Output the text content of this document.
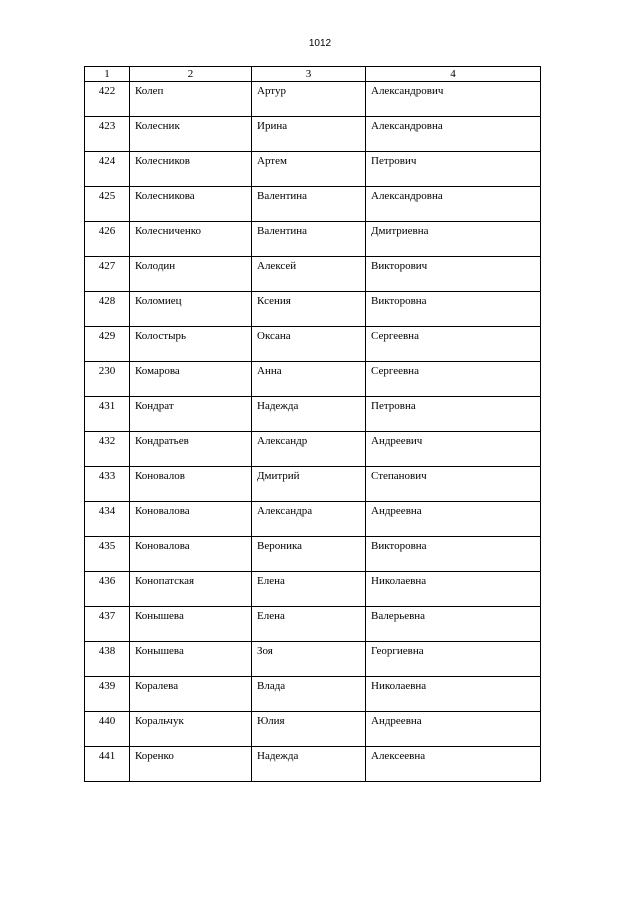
1012
1	2	3	4
422	Колеп	Артур	Александрович
423	Колесник	Ирина	Александровна
424	Колесников	Артем	Петрович
425	Колесникова	Валентина	Александровна
426	Колесниченко	Валентина	Дмитриевна
427	Колодин	Алексей	Викторович
428	Коломиец	Ксения	Викторовна
429	Колостырь	Оксана	Сергеевна
230	Комарова	Анна	Сергеевна
431	Кондрат	Надежда	Петровна
432	Кондратьев	Александр	Андреевич
433	Коновалов	Дмитрий	Степанович
434	Коновалова	Александра	Андреевна
435	Коновалова	Вероника	Викторовна
436	Конопатская	Елена	Николаевна
437	Конышева	Елена	Валерьевна
438	Конышева	Зоя	Георгиевна
439	Коралева	Влада	Николаевна
440	Коральчук	Юлия	Андреевна
441	Коренко	Надежда	Алексеевна
